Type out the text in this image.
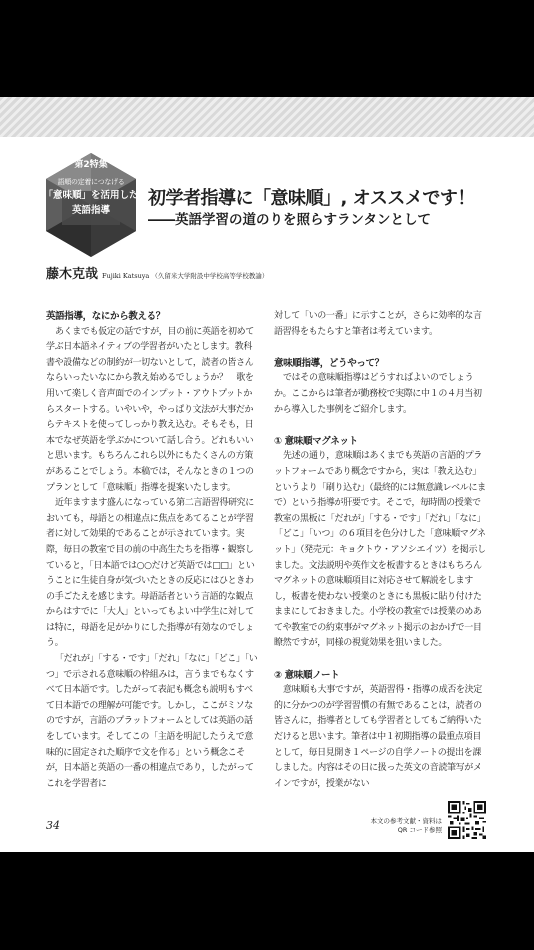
第2特集
語順の定着につなげる
「意味順」を活用した
英語指導
初学者指導に「意味順」, オススメです！
――英語学習の道のりを照らすランタンとして
藤木克哉 Fujiki Katsuya （久留米大学附設中学校高等学校教諭）

英語指導，なにから教える？

あくまでも仮定の話ですが，目の前に英語を初めて学ぶ日本語ネイティブの学習者がいたとします。教科書や設備などの制約が一切ないとして，読者の皆さんならいったいなにから教え始めるでしょうか？　歌を用いて楽しく音声面でのインプット・アウトプットからスタートする。いやいや，やっぱり文法が大事だからテキストを使ってしっかり教え込む。そもそも，日本でなぜ英語を学ぶかについて話し合う。どれもいいと思います。もちろんこれら以外にもたくさんの方策があることでしょう。本稿では，そんなときの１つのプランとして「意味順」指導を提案いたします。

近年ますます盛んになっている第二言語習得研究においても，母語との相違点に焦点をあてることが学習者に対して効果的であることが示されています。実際，毎日の教室で目の前の中高生たちを指導・観察していると，「日本語では○○だけど英語では□□」ということに生徒自身が気づいたときの反応にはひときわの手ごたえを感じます。母語話者という言語的な観点からはすでに「大人」といってもよい中学生に対しては特に，母語を足がかりにした指導が有効なのでしょう。

「だれが」「する・です」「だれ」「なに」「どこ」「いつ」で示される意味順の枠組みは，言うまでもなくすべて日本語です。したがって表記も概念も説明もすべて日本語での理解が可能です。しかし，ここがミソなのですが，言語のプラットフォームとしては英語の話をしています。そしてこの「主語を明記したうえで意味的に固定された順序で文を作る」という概念こそが，日本語と英語の一番の相違点であり，したがってこれを学習者に

対して「いの一番」に示すことが，さらに効率的な言語習得をもたらすと筆者は考えています。

意味順指導，どうやって？

ではその意味順指導はどうすればよいのでしょうか。ここからは筆者が勤務校で実際に中１の４月当初から導入した事例をご紹介します。

① 意味順マグネット

先述の通り，意味順はあくまでも英語の言語的プラットフォームであり概念ですから，実は「教え込む」というより「刷り込む」（最終的には無意識レベルにまで）という指導が肝要です。そこで，毎時間の授業で教室の黒板に「だれが」「する・です」「だれ」「なに」「どこ」「いつ」の６項目を色分けした「意味順マグネット」（発売元：キョクトウ・アソシエイツ）を掲示しました。文法説明や英作文を板書するときはもちろんマグネットの意味順項目に対応させて解説をしますし，板書を使わない授業のときにも黒板に貼り付けたままにしておきました。小学校の教室では授業のめあてや教室での約束事がマグネット掲示のおかげで一目瞭然ですが，同様の視覚効果を狙いました。

② 意味順ノート

意味順も大事ですが，英語習得・指導の成否を決定的に分かつのが学習習慣の有無であることは，読者の皆さんに，指導者としても学習者としてもご納得いただけると思います。筆者は中１初期指導の最重点項目として，毎日見開き１ページの自学ノートの提出を課しました。内容はその日に扱った英文の音読筆写がメインですが，授業がない

34	本文の参考文献・資料は
QR コード参照
